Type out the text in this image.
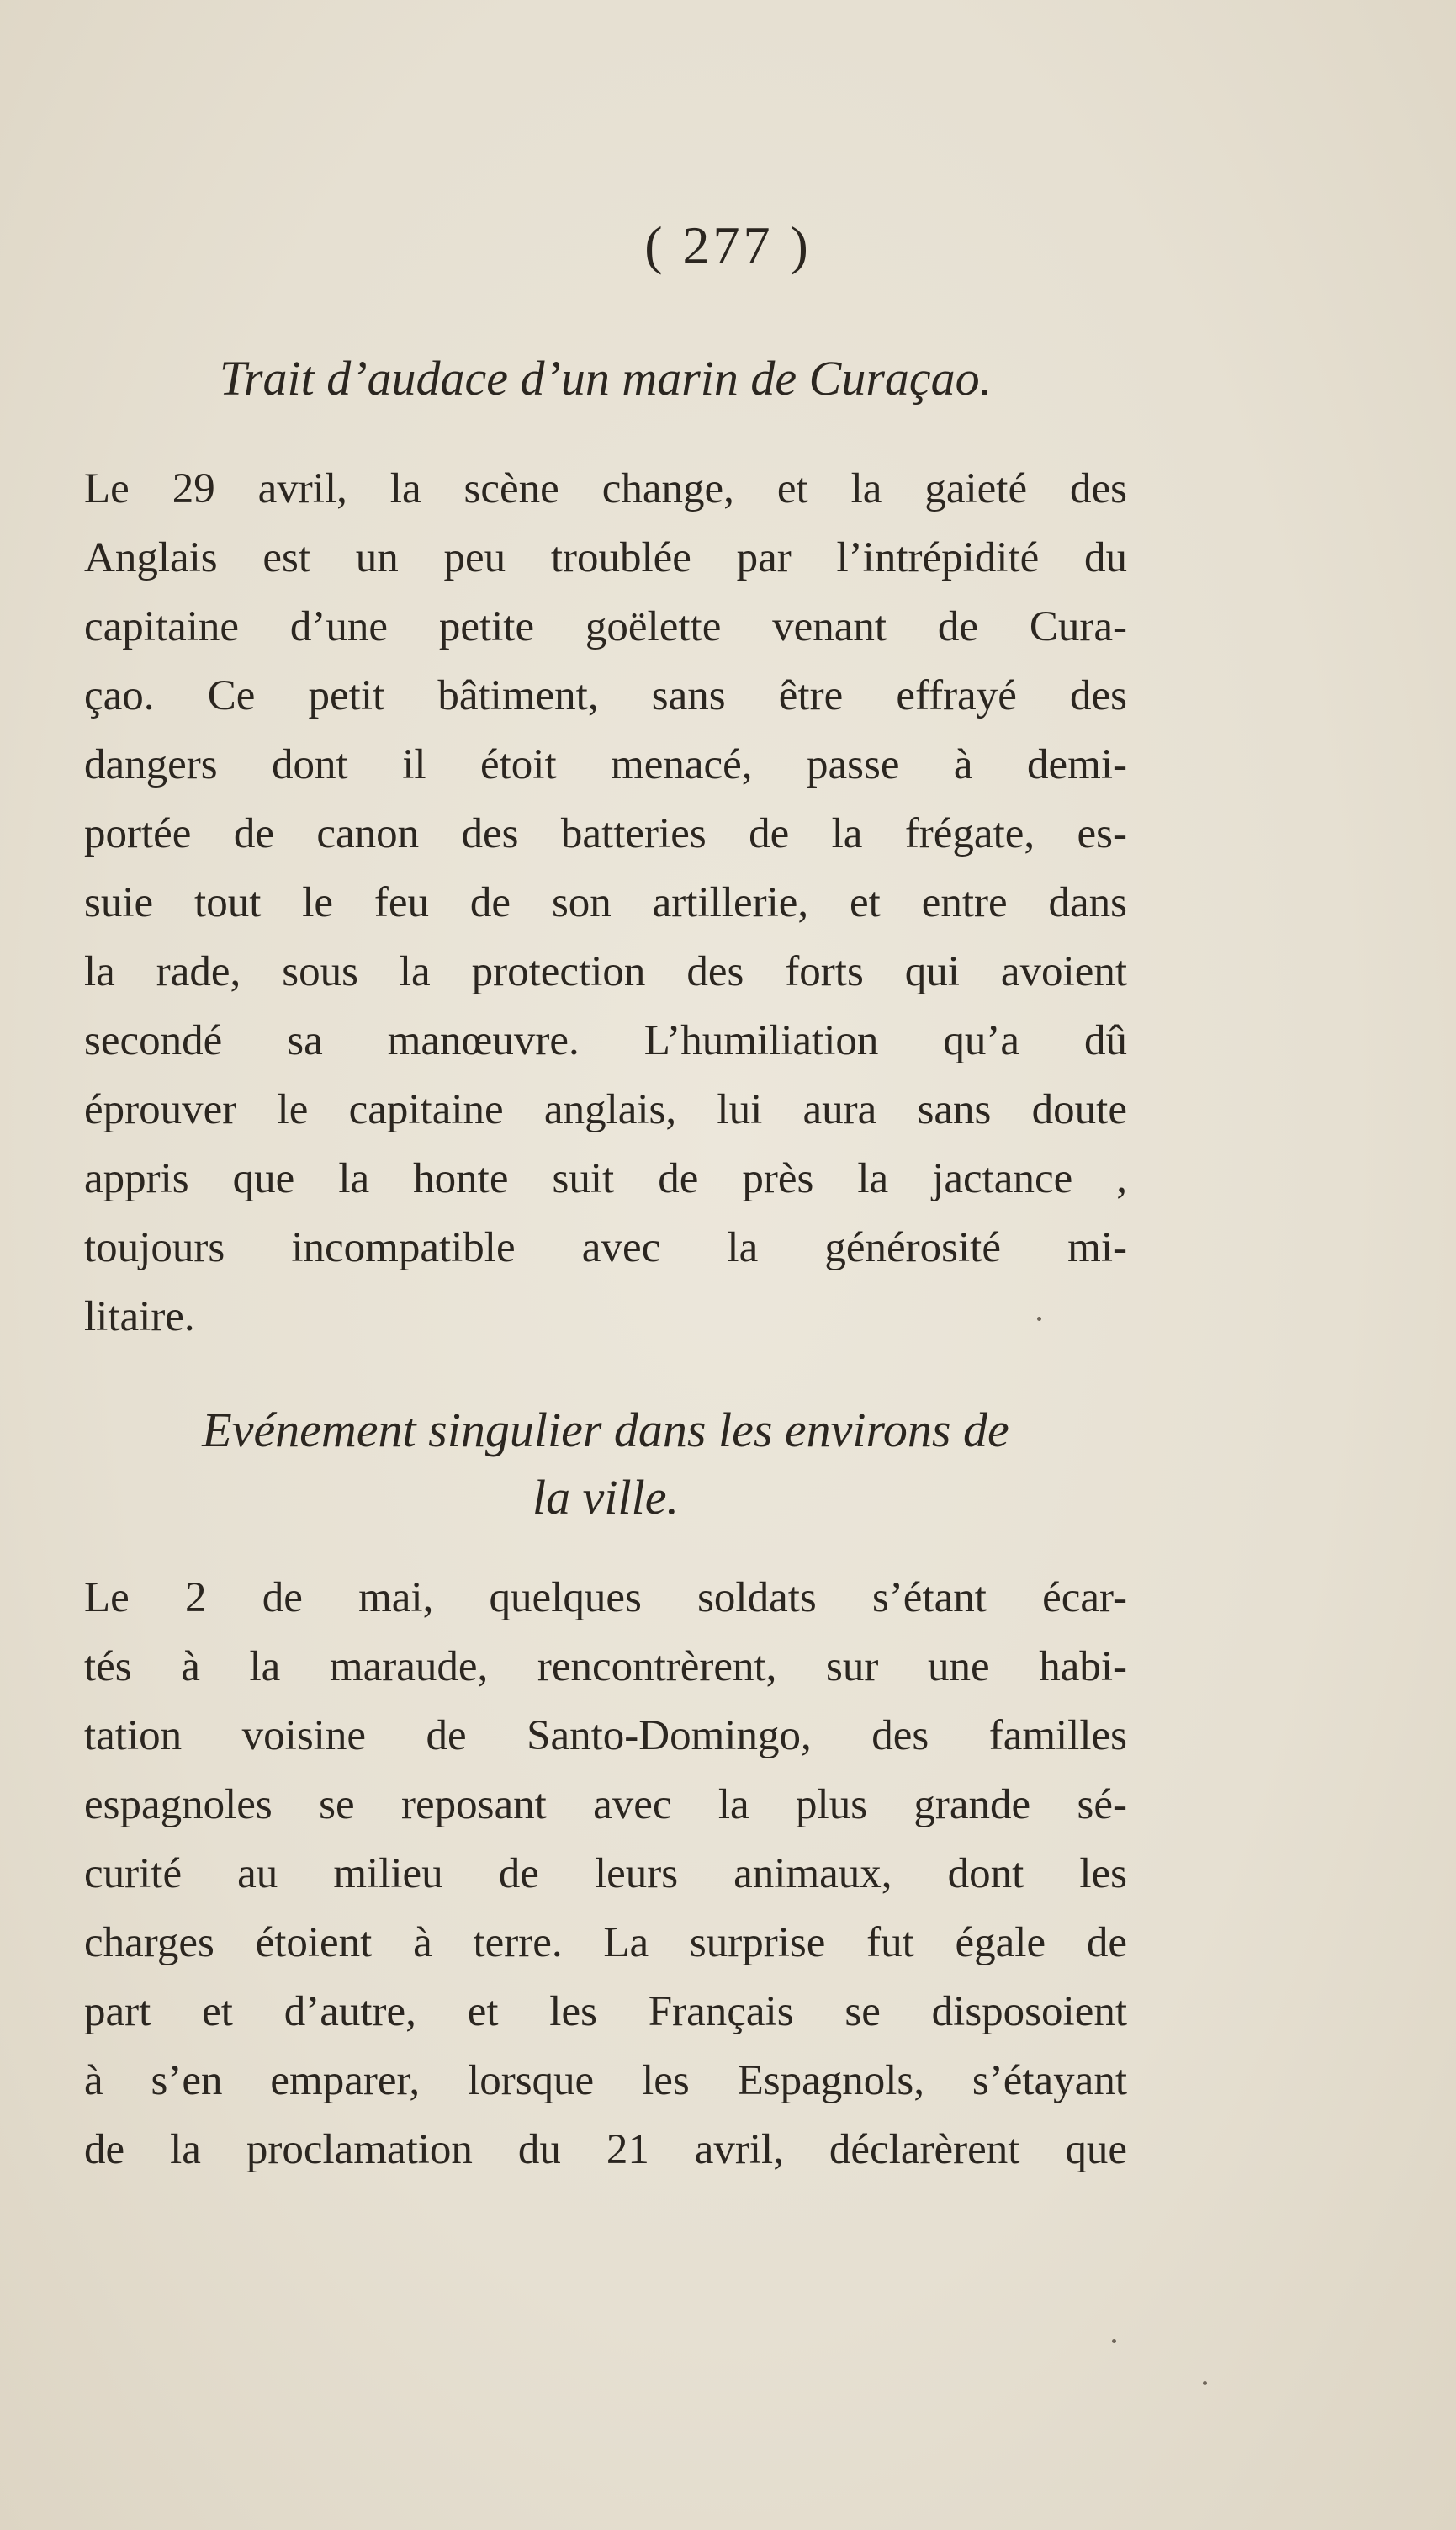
( 277 )
Trait d’audace d’un marin de Curaçao.
Le 29 avril, la scène change, et la gaieté des
Anglais est un peu troublée par l’intrépidité du
capitaine d’une petite goëlette venant de Cura-
çao. Ce petit bâtiment, sans être effrayé des
dangers dont il étoit menacé, passe à demi-
portée de canon des batteries de la frégate, es-
suie tout le feu de son artillerie, et entre dans
la rade, sous la protection des forts qui avoient
secondé sa manœuvre. L’humiliation qu’a dû
éprouver le capitaine anglais, lui aura sans doute
appris que la honte suit de près la jactance ,
toujours incompatible avec la générosité mi-
litaire.
Evénement singulier dans les environs de
la ville.
Le 2 de mai, quelques soldats s’étant écar-
tés à la maraude, rencontrèrent, sur une habi-
tation voisine de Santo-Domingo, des familles
espagnoles se reposant avec la plus grande sé-
curité au milieu de leurs animaux, dont les
charges étoient à terre. La surprise fut égale de
part et d’autre, et les Français se disposoient
à s’en emparer, lorsque les Espagnols, s’étayant
de la proclamation du 21 avril, déclarèrent que
